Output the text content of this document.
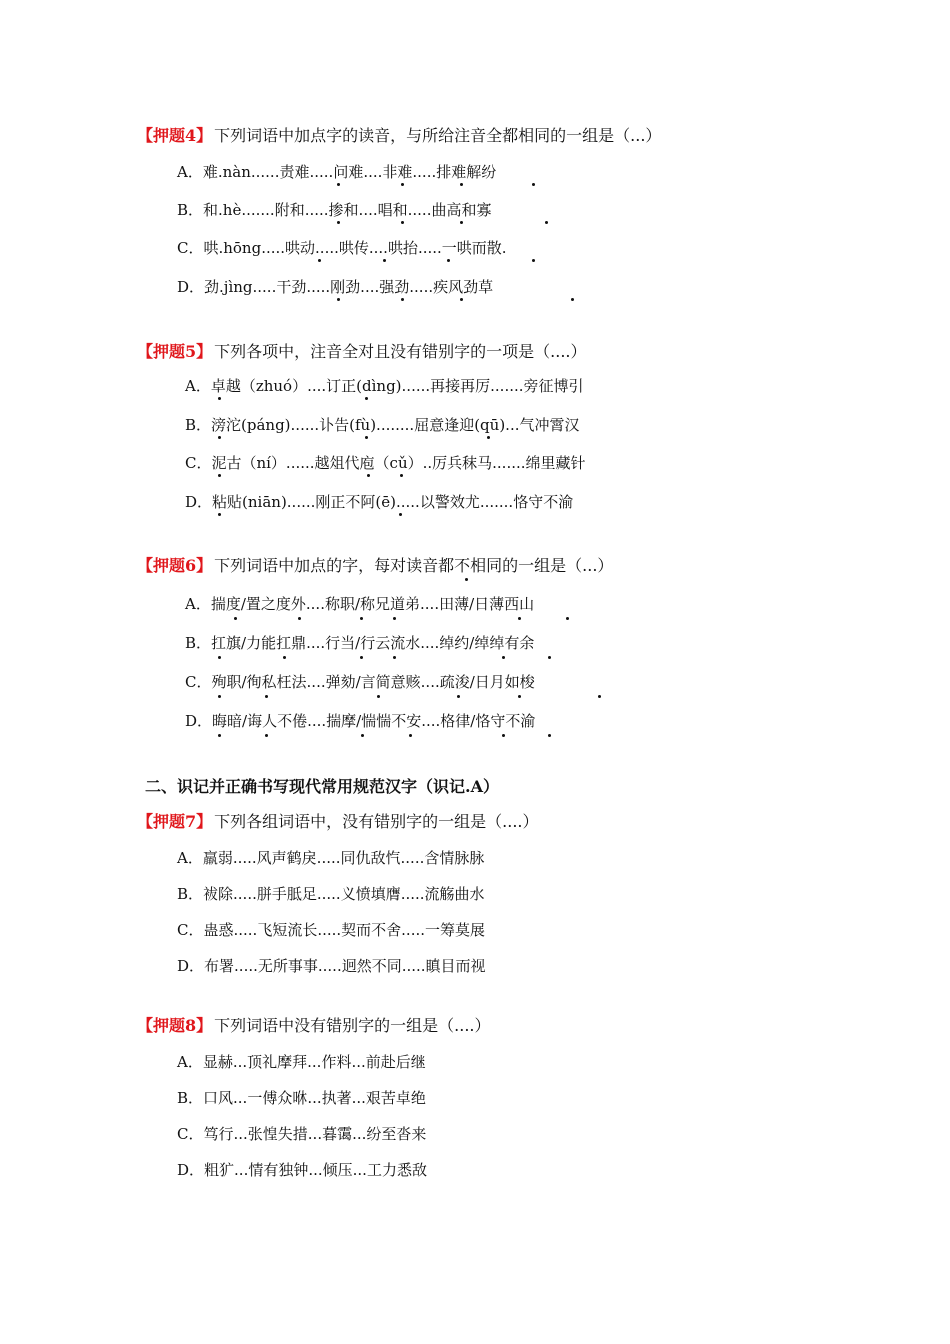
【押题4】 下列词语中加点字的读音，与所给注音全都相同的一组是（...）
A．难.nàn......责难.....问难....非难.....排难解纷
B．和.hè.......附和.....掺和....唱和.....曲高和寡
C．哄.hōng.....哄动.....哄传....哄抬.....一哄而散.
D．劲.jìng.....干劲.....刚劲....强劲.....疾风劲草
【押题5】 下列各项中，注音全对且没有错别字的一项是（....）
A．卓越（zhuó）....订正(dìng)......再接再厉.......旁征博引
B．滂沱(páng)......讣告(fù)........屈意逢迎(qū)...气冲霄汉
C．泥古（ní）......越俎代庖（cǔ）..厉兵秣马.......绵里藏针
D．粘贴(niān)......刚正不阿(ē).....以警效尤.......恪守不渝
【押题6】 下列词语中加点的字，每对读音都不相同的一组是（...）
A．揣度/置之度外....称职/称兄道弟....田薄/日薄西山
B．扛旗/力能扛鼎....行当/行云流水....绰约/绰绰有余
C．殉职/徇私枉法....弹劾/言简意赅....疏浚/日月如梭
D．晦暗/诲人不倦....揣摩/惴惴不安....格律/恪守不渝
二、识记并正确书写现代常用规范汉字（识记.A）
【押题7】 下列各组词语中，没有错别字的一组是（....）
A．羸弱.....风声鹤戾.....同仇敌忾.....含情脉脉
B．袚除.....胼手胝足.....义愤填膺.....流觞曲水
C．蛊惑.....飞短流长.....契而不舍.....一筹莫展
D．布署.....无所事事.....迥然不同.....瞋目而视
【押题8】 下列词语中没有错别字的一组是（....）
A．显赫...顶礼摩拜...作料...前赴后继
B．口风...一傅众咻...执著...艰苦卓绝
C．笃行...张惶失措...暮霭...纷至沓来
D．粗犷...情有独钟...倾压...工力悉敌
